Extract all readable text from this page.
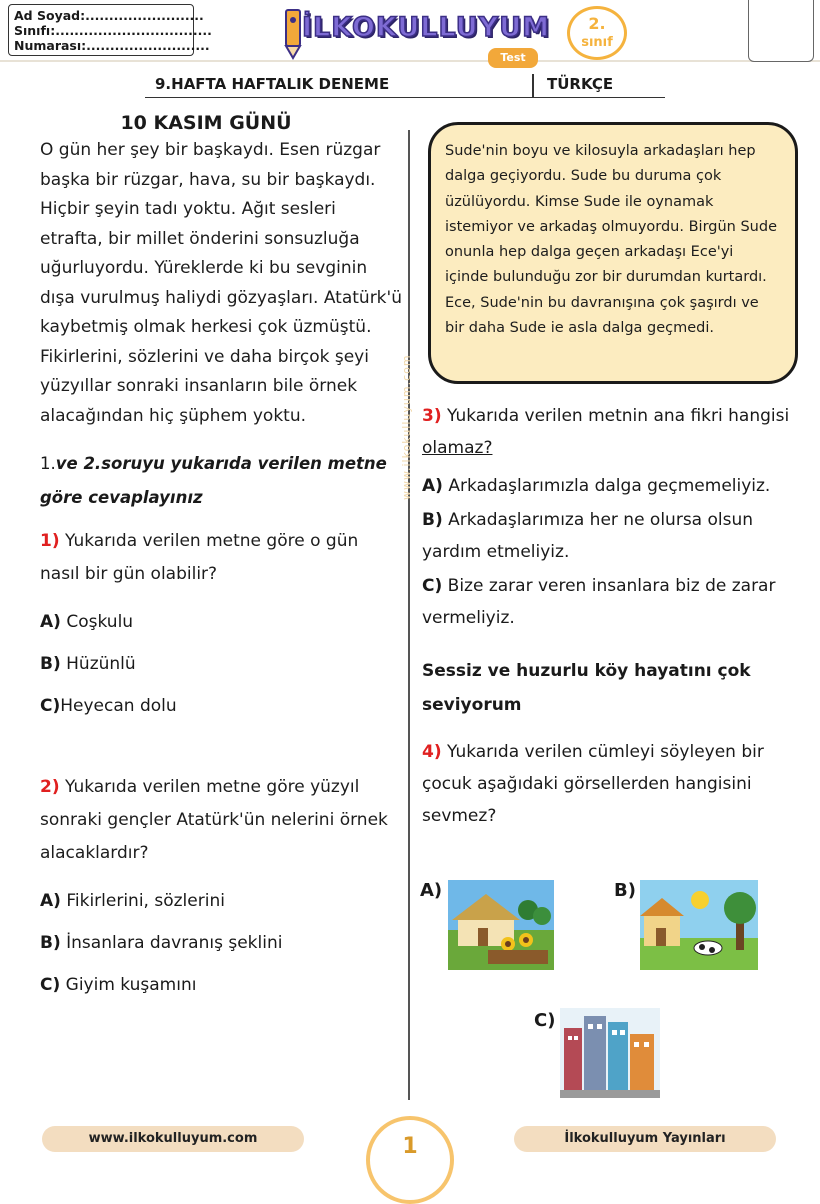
Ad Soyad:.........................
Sınıfı:.................................
Numarası:..........................
İLKOKULLUYUM
Test
2.
sınıf
9.HAFTA HAFTALIK DENEME	TÜRKÇE
www.ilkokulluyum.com
10 KASIM GÜNÜ
O gün her şey bir başkaydı. Esen rüzgar başka bir rüzgar, hava, su bir başkaydı. Hiçbir şeyin tadı yoktu. Ağıt sesleri etrafta, bir millet önderini sonsuzluğa uğurluyordu. Yüreklerde ki bu sevginin dışa vurulmuş haliydi gözyaşları. Atatürk'ü kaybetmiş olmak herkesi çok üzmüştü. Fikirlerini, sözlerini ve daha birçok şeyi yüzyıllar sonraki insanların bile örnek alacağından hiç şüphem yoktu.
1.ve 2.soruyu yukarıda verilen metne göre cevaplayınız
1) Yukarıda verilen metne göre o gün nasıl bir gün olabilir?
A) Coşkulu
B) Hüzünlü
C)Heyecan dolu
2) Yukarıda verilen metne göre yüzyıl sonraki gençler Atatürk'ün nelerini örnek alacaklardır?
A) Fikirlerini, sözlerini
B) İnsanlara davranış şeklini
C) Giyim kuşamını
Sude'nin boyu ve kilosuyla arkadaşları hep dalga geçiyordu. Sude bu duruma çok üzülüyordu. Kimse Sude ile oynamak istemiyor ve arkadaş olmuyordu. Birgün Sude onunla hep dalga geçen arkadaşı Ece'yi içinde bulunduğu zor bir durumdan kurtardı. Ece, Sude'nin bu davranışına çok şaşırdı ve bir daha Sude ie asla dalga geçmedi.
3) Yukarıda verilen metnin ana fikri hangisi olamaz?
A) Arkadaşlarımızla dalga geçmemeliyiz.
B) Arkadaşlarımıza her ne olursa olsun yardım etmeliyiz.
C) Bize zarar veren insanlara biz de zarar vermeliyiz.
Sessiz ve huzurlu köy hayatını çok seviyorum
4) Yukarıda verilen cümleyi söyleyen bir çocuk aşağıdaki görsellerden hangisini sevmez?
A)	B)
C)
www.ilkokulluyum.com	1	İlkokulluyum Yayınları
